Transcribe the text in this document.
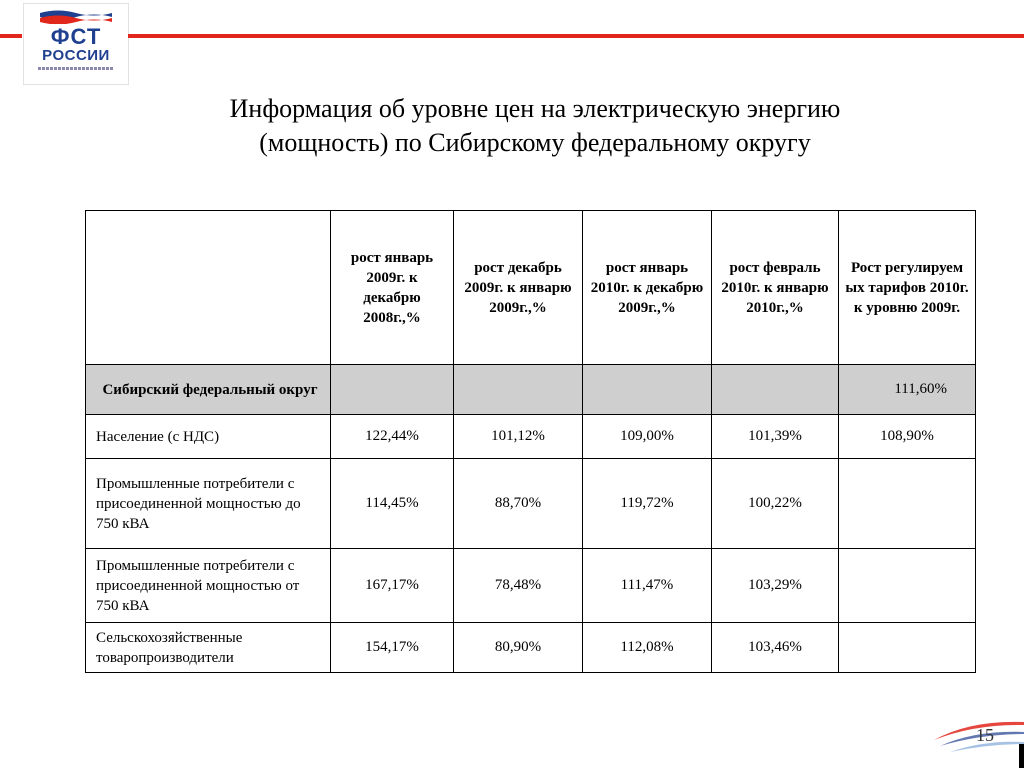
ФСТ
РОССИИ
Информация об уровне цен на электрическую энергию
(мощность) по Сибирскому федеральному округу
	рост январь 2009г. к декабрю 2008г.,%	рост декабрь 2009г. к январю 2009г.,%	рост январь 2010г. к декабрю 2009г.,%	рост февраль 2010г. к январю 2010г.,%	Рост регулируем ых тарифов 2010г. к уровню 2009г.
Сибирский федеральный округ					111,60%
Население (с НДС)	122,44%	101,12%	109,00%	101,39%	108,90%
Промышленные потребители с присоединенной мощностью до 750 кВА	114,45%	88,70%	119,72%	100,22%	
Промышленные потребители с присоединенной мощностью от 750 кВА	167,17%	78,48%	111,47%	103,29%	
Сельскохозяйственные товаропроизводители	154,17%	80,90%	112,08%	103,46%	
15
